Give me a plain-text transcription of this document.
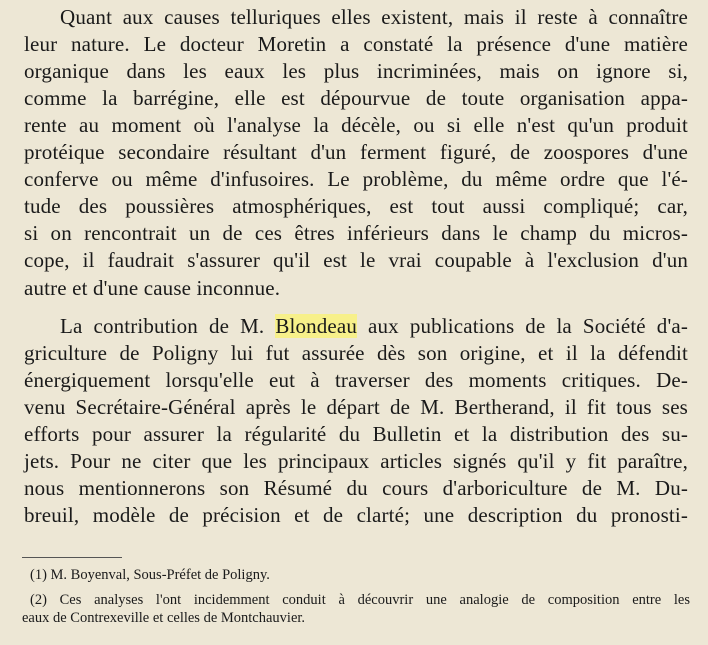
Quant aux causes telluriques elles existent, mais il reste à connaître
leur nature. Le docteur Moretin a constaté la présence d'une matière
organique dans les eaux les plus incriminées, mais on ignore si,
comme la barrégine, elle est dépourvue de toute organisation appa-
rente au moment où l'analyse la décèle, ou si elle n'est qu'un produit
protéique secondaire résultant d'un ferment figuré, de zoospores d'une
conferve ou même d'infusoires. Le problème, du même ordre que l'é-
tude des poussières atmosphériques, est tout aussi compliqué; car,
si on rencontrait un de ces êtres inférieurs dans le champ du micros-
cope, il faudrait s'assurer qu'il est le vrai coupable à l'exclusion d'un
autre et d'une cause inconnue.
La contribution de M. Blondeau aux publications de la Société d'a-
griculture de Poligny lui fut assurée dès son origine, et il la défendit
énergiquement lorsqu'elle eut à traverser des moments critiques. De-
venu Secrétaire-Général après le départ de M. Bertherand, il fit tous ses
efforts pour assurer la régularité du Bulletin et la distribution des su-
jets. Pour ne citer que les principaux articles signés qu'il y fit paraître,
nous mentionnerons son Résumé du cours d'arboriculture de M. Du-
breuil, modèle de précision et de clarté; une description du pronosti-
(1) M. Boyenval, Sous-Préfet de Poligny.
(2) Ces analyses l'ont incidemment conduit à découvrir une analogie de composition entre les
eaux de Contrexeville et celles de Montchauvier.
